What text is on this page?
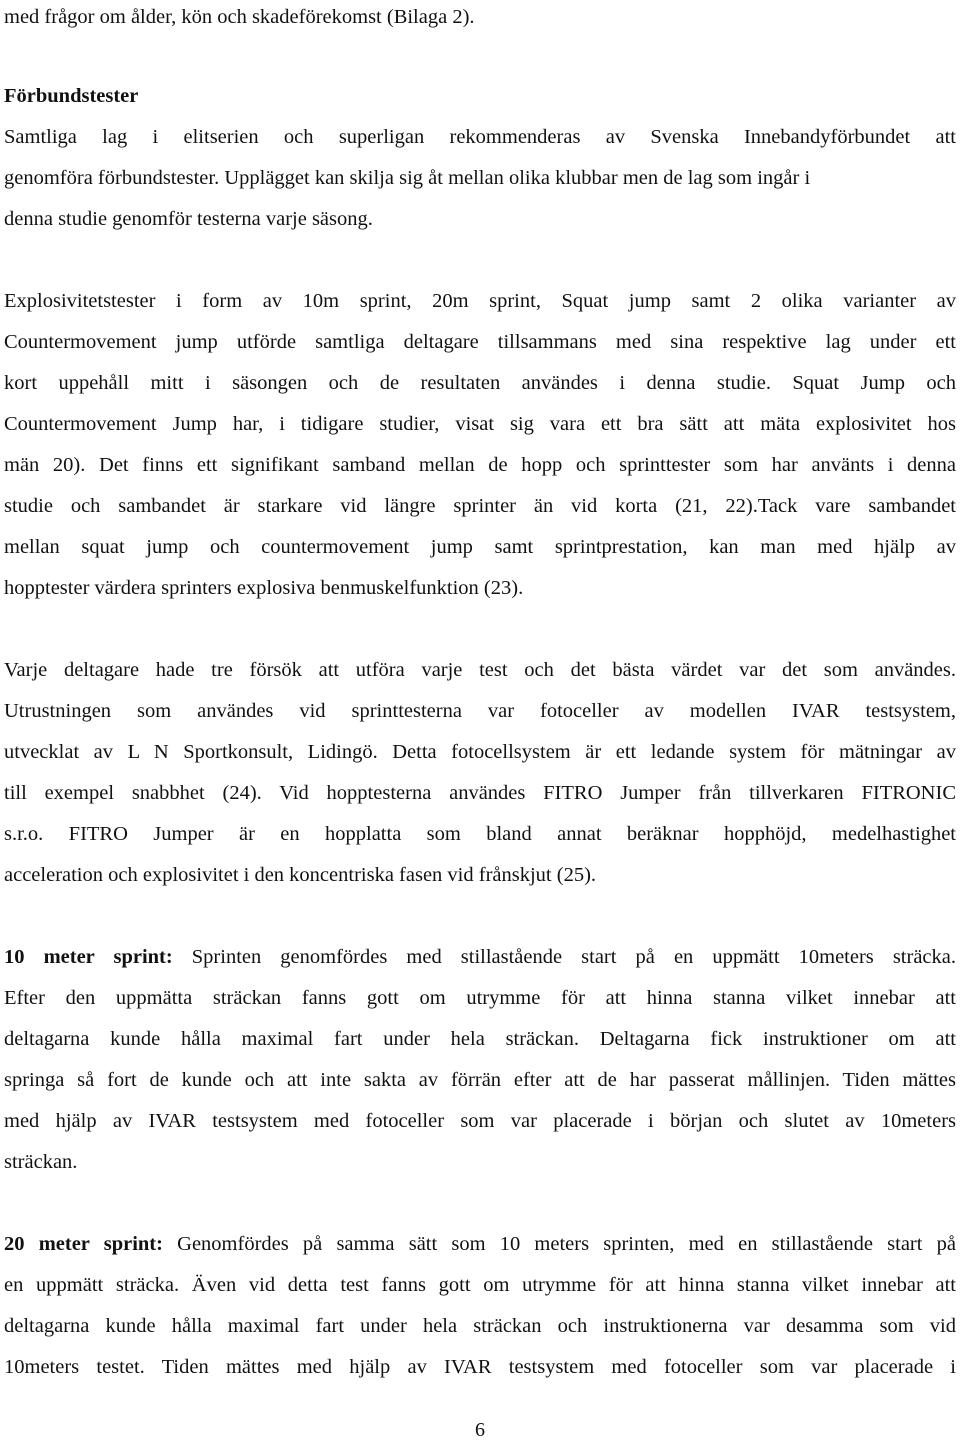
med frågor om ålder, kön och skadeförekomst (Bilaga 2).
Förbundstester
Samtliga lag i elitserien och superligan rekommenderas av Svenska Innebandyförbundet att
genomföra förbundstester. Upplägget kan skilja sig åt mellan olika klubbar men de lag som ingår i
denna studie genomför testerna varje säsong.
Explosivitetstester i form av 10m sprint, 20m sprint, Squat jump samt 2 olika varianter av
Countermovement jump utförde samtliga deltagare tillsammans med sina respektive lag under ett
kort uppehåll mitt i säsongen och de resultaten användes i denna studie. Squat Jump och
Countermovement Jump har, i tidigare studier, visat sig vara ett bra sätt att mäta explosivitet hos
män 20). Det finns ett signifikant samband mellan de hopp och sprinttester som har använts i denna
studie och sambandet är starkare vid längre sprinter än vid korta (21, 22).Tack vare sambandet
mellan squat jump och countermovement jump samt sprintprestation, kan man med hjälp av
hopptester värdera sprinters explosiva benmuskelfunktion (23).
Varje deltagare hade tre försök att utföra varje test och det bästa värdet var det som användes.
Utrustningen som användes vid sprinttesterna var fotoceller av modellen IVAR testsystem,
utvecklat av L N Sportkonsult, Lidingö. Detta fotocellsystem är ett ledande system för mätningar av
till exempel snabbhet (24). Vid hopptesterna användes FITRO Jumper från tillverkaren FITRONIC
s.r.o. FITRO Jumper är en hopplatta som bland annat beräknar hopphöjd, medelhastighet
acceleration och explosivitet i den koncentriska fasen vid frånskjut (25).
10 meter sprint: Sprinten genomfördes med stillastående start på en uppmätt 10meters sträcka.
Efter den uppmätta sträckan fanns gott om utrymme för att hinna stanna vilket innebar att
deltagarna kunde hålla maximal fart under hela sträckan. Deltagarna fick instruktioner om att
springa så fort de kunde och att inte sakta av förrän efter att de har passerat mållinjen. Tiden mättes
med hjälp av IVAR testsystem med fotoceller som var placerade i början och slutet av 10meters
sträckan.
20 meter sprint: Genomfördes på samma sätt som 10 meters sprinten, med en stillastående start på
en uppmätt sträcka. Även vid detta test fanns gott om utrymme för att hinna stanna vilket innebar att
deltagarna kunde hålla maximal fart under hela sträckan och instruktionerna var desamma som vid
10meters testet. Tiden mättes med hjälp av IVAR testsystem med fotoceller som var placerade i
6
